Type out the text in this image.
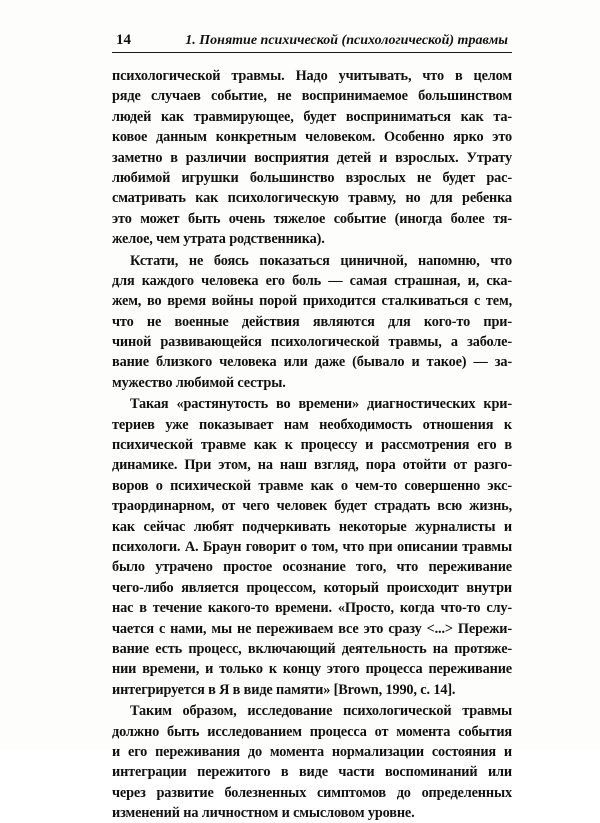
14	1. Понятие психической (психологической) травмы

психологической травмы. Надо учитывать, что в целом
ряде случаев событие, не воспринимаемое большинством
людей как травмирующее, будет восприниматься как та-
ковое данным конкретным человеком. Особенно ярко это
заметно в различии восприятия детей и взрослых. Утрату
любимой игрушки большинство взрослых не будет рас-
сматривать как психологическую травму, но для ребенка
это может быть очень тяжелое событие (иногда более тя-
желое, чем утрата родственника).

Кстати, не боясь показаться циничной, напомню, что
для каждого человека его боль — самая страшная, и, ска-
жем, во время войны порой приходится сталкиваться с тем,
что не военные действия являются для кого-то при-
чиной развивающейся психологической травмы, а заболе-
вание близкого человека или даже (бывало и такое) — за-
мужество любимой сестры.

Такая «растянутость во времени» диагностических кри-
териев уже показывает нам необходимость отношения к
психической травме как к процессу и рассмотрения его в
динамике. При этом, на наш взгляд, пора отойти от разго-
воров о психической травме как о чем-то совершенно экс-
траординарном, от чего человек будет страдать всю жизнь,
как сейчас любят подчеркивать некоторые журналисты и
психологи. А. Браун говорит о том, что при описании травмы
было утрачено простое осознание того, что переживание
чего-либо является процессом, который происходит внутри
нас в течение какого-то времени. «Просто, когда что-то слу-
чается с нами, мы не переживаем все это сразу <...> Пережи-
вание есть процесс, включающий деятельность на протяже-
нии времени, и только к концу этого процесса переживание
интегрируется в Я в виде памяти» [Brown, 1990, с. 14].

Таким образом, исследование психологической травмы
должно быть исследованием процесса от момента события
и его переживания до момента нормализации состояния и
интеграции пережитого в виде части воспоминаний или
через развитие болезненных симптомов до определенных
изменений на личностном и смысловом уровне.
